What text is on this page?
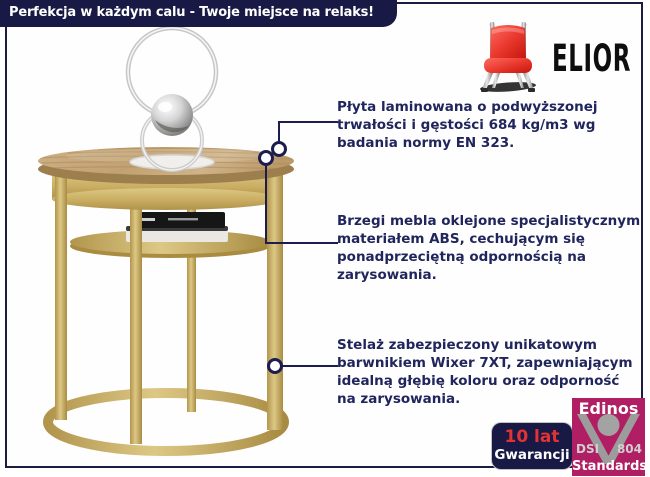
Perfekcja w każdym calu - Twoje miejsce na relaks!
ELIOR
Płyta laminowana o podwyższonej
trwałości i gęstości 684 kg/m3 wg
badania normy EN 323.
Brzegi mebla oklejone specjalistycznym
materiałem ABS, cechującym się
ponadprzeciętną odpornością na
zarysowania.
Stelaż zabezpieczony unikatowym
barwnikiem Wixer 7XT, zapewniającym
idealną głębię koloru oraz odporność
na zarysowania.
10 lat
Gwarancji
Edinos
DSI 804
Standards
